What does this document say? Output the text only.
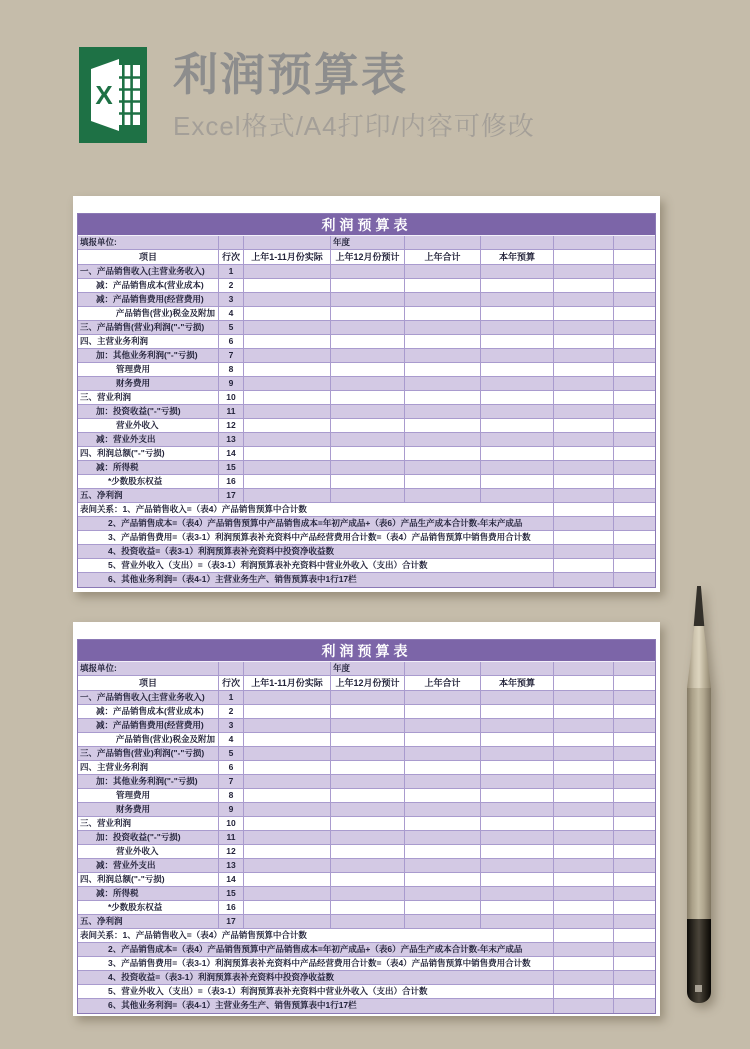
X 利润预算表
Excel格式/A4打印/内容可修改
利润预算表
填报单位:	年度
项目	行次	上年1-11月份实际	上年12月份预计	上年合计	本年预算
一、产品销售收入(主营业务收入)	1
减：产品销售成本(营业成本)	2
减：产品销售费用(经营费用)	3
产品销售(营业)税金及附加	4
三、产品销售(营业)利润("-"亏损)	5
四、主营业务利润	6
加：其他业务利润("-"亏损)	7
管理费用	8
财务费用	9
三、营业利润	10
加：投资收益("-"亏损)	11
营业外收入	12
减：营业外支出	13
四、利润总额("-"亏损)	14
减：所得税	15
*少数股东权益	16
五、净利润	17
表间关系：1、产品销售收入=（表4）产品销售预算中合计数
2、产品销售成本=（表4）产品销售预算中产品销售成本=年初产成品+（表6）产品生产成本合计数-年末产成品
3、产品销售费用=（表3-1）利润预算表补充资料中产品经营费用合计数=（表4）产品销售预算中销售费用合计数
4、投资收益=（表3-1）利润预算表补充资料中投资净收益数
5、营业外收入（支出）=（表3-1）利润预算表补充资料中营业外收入（支出）合计数
6、其他业务利润=（表4-1）主营业务生产、销售预算表中1行17栏
利润预算表
填报单位:	年度
项目	行次	上年1-11月份实际	上年12月份预计	上年合计	本年预算
一、产品销售收入(主营业务收入)	1
减：产品销售成本(营业成本)	2
减：产品销售费用(经营费用)	3
产品销售(营业)税金及附加	4
三、产品销售(营业)利润("-"亏损)	5
四、主营业务利润	6
加：其他业务利润("-"亏损)	7
管理费用	8
财务费用	9
三、营业利润	10
加：投资收益("-"亏损)	11
营业外收入	12
减：营业外支出	13
四、利润总额("-"亏损)	14
减：所得税	15
*少数股东权益	16
五、净利润	17
表间关系：1、产品销售收入=（表4）产品销售预算中合计数
2、产品销售成本=（表4）产品销售预算中产品销售成本=年初产成品+（表6）产品生产成本合计数-年末产成品
3、产品销售费用=（表3-1）利润预算表补充资料中产品经营费用合计数=（表4）产品销售预算中销售费用合计数
4、投资收益=（表3-1）利润预算表补充资料中投资净收益数
5、营业外收入（支出）=（表3-1）利润预算表补充资料中营业外收入（支出）合计数
6、其他业务利润=（表4-1）主营业务生产、销售预算表中1行17栏
